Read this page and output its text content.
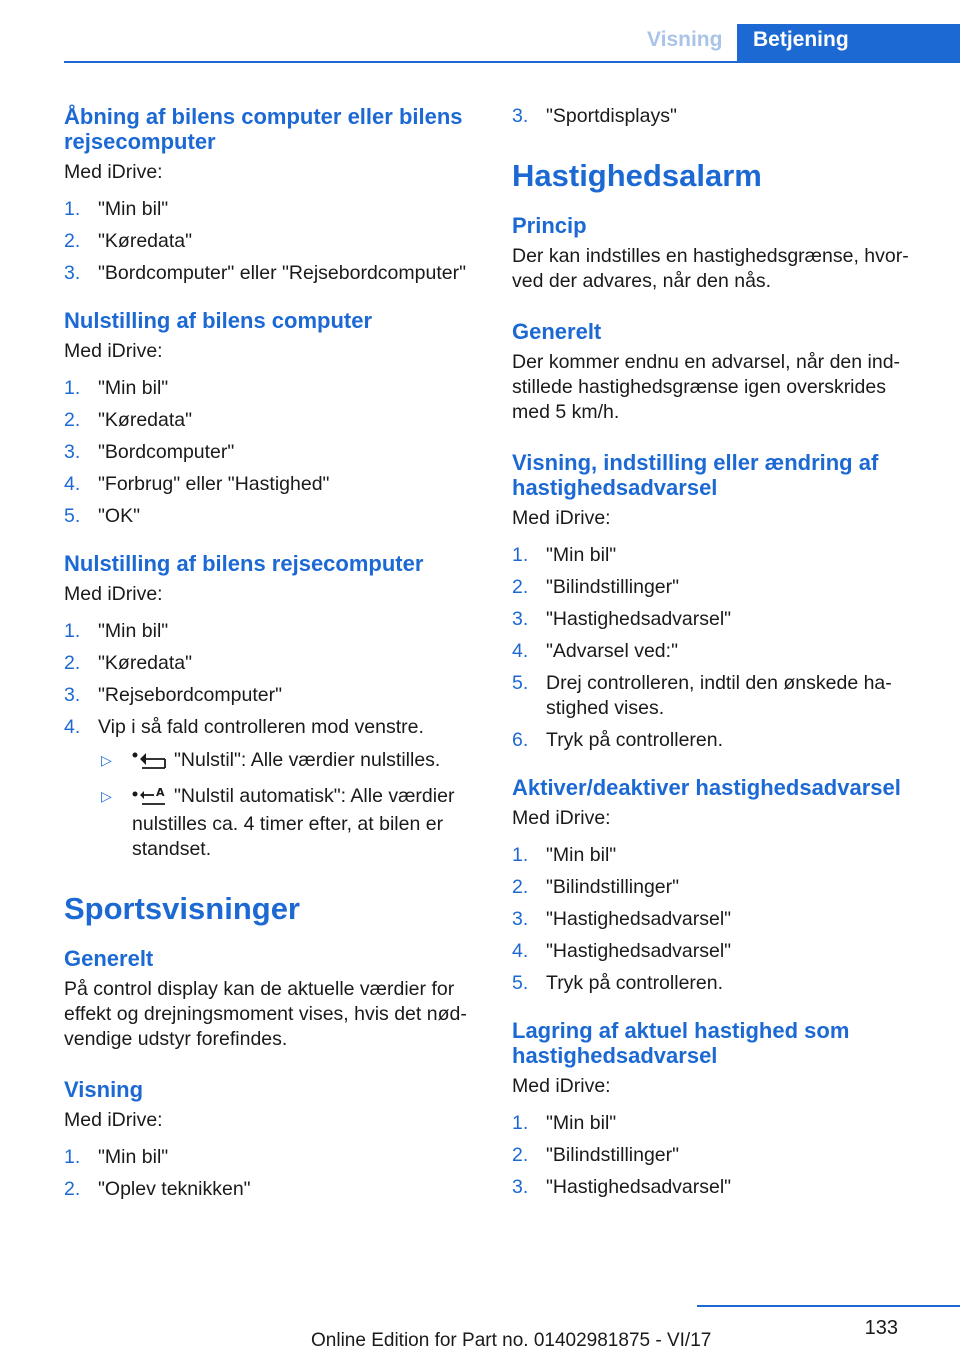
Visning Betjening
Åbning af bilens computer eller bilens rejsecomputer

Med iDrive:

1. "Min bil"
2. "Køredata"
3. "Bordcomputer" eller "Rejsebordcomputer"
Nulstilling af bilens computer

Med iDrive:

1. "Min bil"
2. "Køredata"
3. "Bordcomputer"
4. "Forbrug" eller "Hastighed"
5. "OK"
Nulstilling af bilens rejsecomputer

Med iDrive:

1. "Min bil"
2. "Køredata"
3. "Rejsebordcomputer"
4. Vip i så fald controlleren mod venstre.
▷	"Nulstil": Alle værdier nulstilles.
▷	A "Nulstil automatisk": Alle værdier nulstilles ca. 4 timer efter, at bilen er standset.
Sportsvisninger
Generelt

På control display kan de aktuelle værdier for effekt og drejningsmoment vises, hvis det nød-vendige udstyr forefindes.

Visning

Med iDrive:

1. "Min bil"
2. "Oplev teknikken"
3. "Sportdisplays"
Hastighedsalarm
Princip

Der kan indstilles en hastighedsgrænse, hvor-ved der advares, når den nås.

Generelt

Der kommer endnu en advarsel, når den ind-stillede hastighedsgrænse igen overskrides med 5 km/h.

Visning, indstilling eller ændring af hastighedsadvarsel

Med iDrive:

1. "Min bil"
2. "Bilindstillinger"
3. "Hastighedsadvarsel"
4. "Advarsel ved:"
5. Drej controlleren, indtil den ønskede ha-stighed vises.
6. Tryk på controlleren.
Aktiver/deaktiver hastighedsadvarsel

Med iDrive:

1. "Min bil"
2. "Bilindstillinger"
3. "Hastighedsadvarsel"
4. "Hastighedsadvarsel"
5. Tryk på controlleren.
Lagring af aktuel hastighed som hastighedsadvarsel

Med iDrive:

1. "Min bil"
2. "Bilindstillinger"
3. "Hastighedsadvarsel"
133
Online Edition for Part no. 01402981875 - VI/17
